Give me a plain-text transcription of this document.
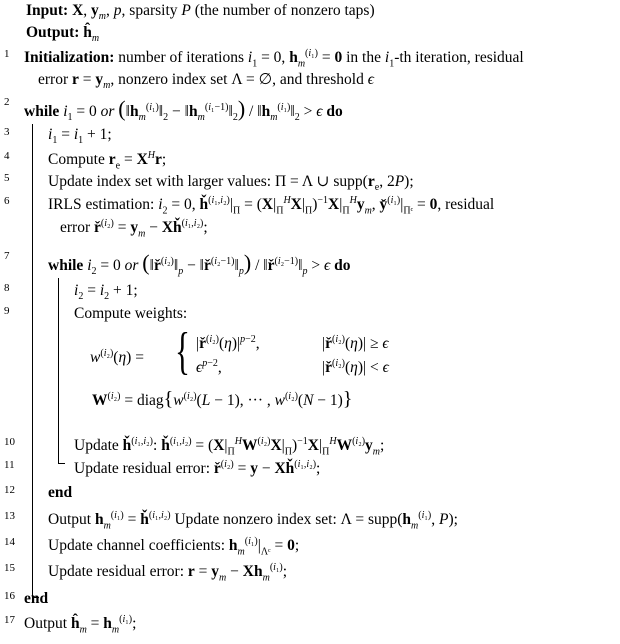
Input: X, $y_m$, p, sparsity P (the number of nonzero taps)
Output: $ĥ_m$
1 Initialization: number of iterations $i_1 = 0$, $h_m^{(i_1)} = 0$ in the $i_1-th$ iteration, residual
error $r = y_m$, nonzero index set Λ = ∅, and threshold ϵ
2
while $i_1 = 0$ or ($‖h_m^{(i_1)}‖_2$ − $‖h_m^{(i_1-1)}‖_2$) / $‖h_m^{(i_1)}‖_2 > \epsilon$ do
3	$i_1 = i_1 + 1$;
4	Compute $r_e = X^Hr$;
5	Update index set with larger values: Π = Λ ∪ $supp(r_e$, 2P);
6	IRLS estimation: $i_2 = 0$, $ȟ^{(i_1,i_2)}|_\Pi = (X|_\Pi^HX|_\Pi)^{-1}X|_\Pi^Hy_m$, $y̌^{(i_1)}|_{\Pi ᶜ} = 0$, residual
error $ř^{(i_2)} = y_m$ − $Xȟ^{(i_1,i_2)}$;
7
while $i_2 = 0$ or ($‖ř^{(i_2)}‖_p$ − $‖ř^{(i_2-1)}‖_p$) / $‖ř^{(i_2-1)}‖_p > \epsilon$ do
8	$i_2 = i_2 + 1$;
9	Compute weights:
$w^{(i_2)}(\eta)$ = { $|ř^{(i_2)}(\eta)|^{p-2}$,	$|ř^{(i_2)}(\eta)| \ge \epsilon$
$\epsilon^{p-2}$,	$|ř^{(i_2)}(\eta)| < \epsilon$
$W^{(i_2)}$ = $diag\{w^{(i_2)}(L - 1)$, ··· , $w^{(i_2)}(N - 1)$}
10	Update $ȟ^{(i_1,i_2)}$: $ȟ^{(i_1,i_2)} = (X|_\Pi^HW^{(i_2)}X|_\Pi)^{-1}X|_\Pi^HW^{(i_2)}y_m$;
11	Update residual error: $ř^{(i_2)} = y$ − $Xȟ^{(i_1,i_2)}$;
12 end
13 Output $h_m^{(i_1)}$ = $ȟ^{(i_1,i_2)}$ Update nonzero index set: $\Lambda = supp(h_m^{(i_1)}$, P);
14 Update channel coefficients: $h_m^{(i_1)}|_{\Lambda ᶜ} = 0$;
15 Update residual error: $r = y_m - Xh_m^{(i_1)}$;
16 end
17 Output $ĥ_m = h_m^{(i_1)}$;
